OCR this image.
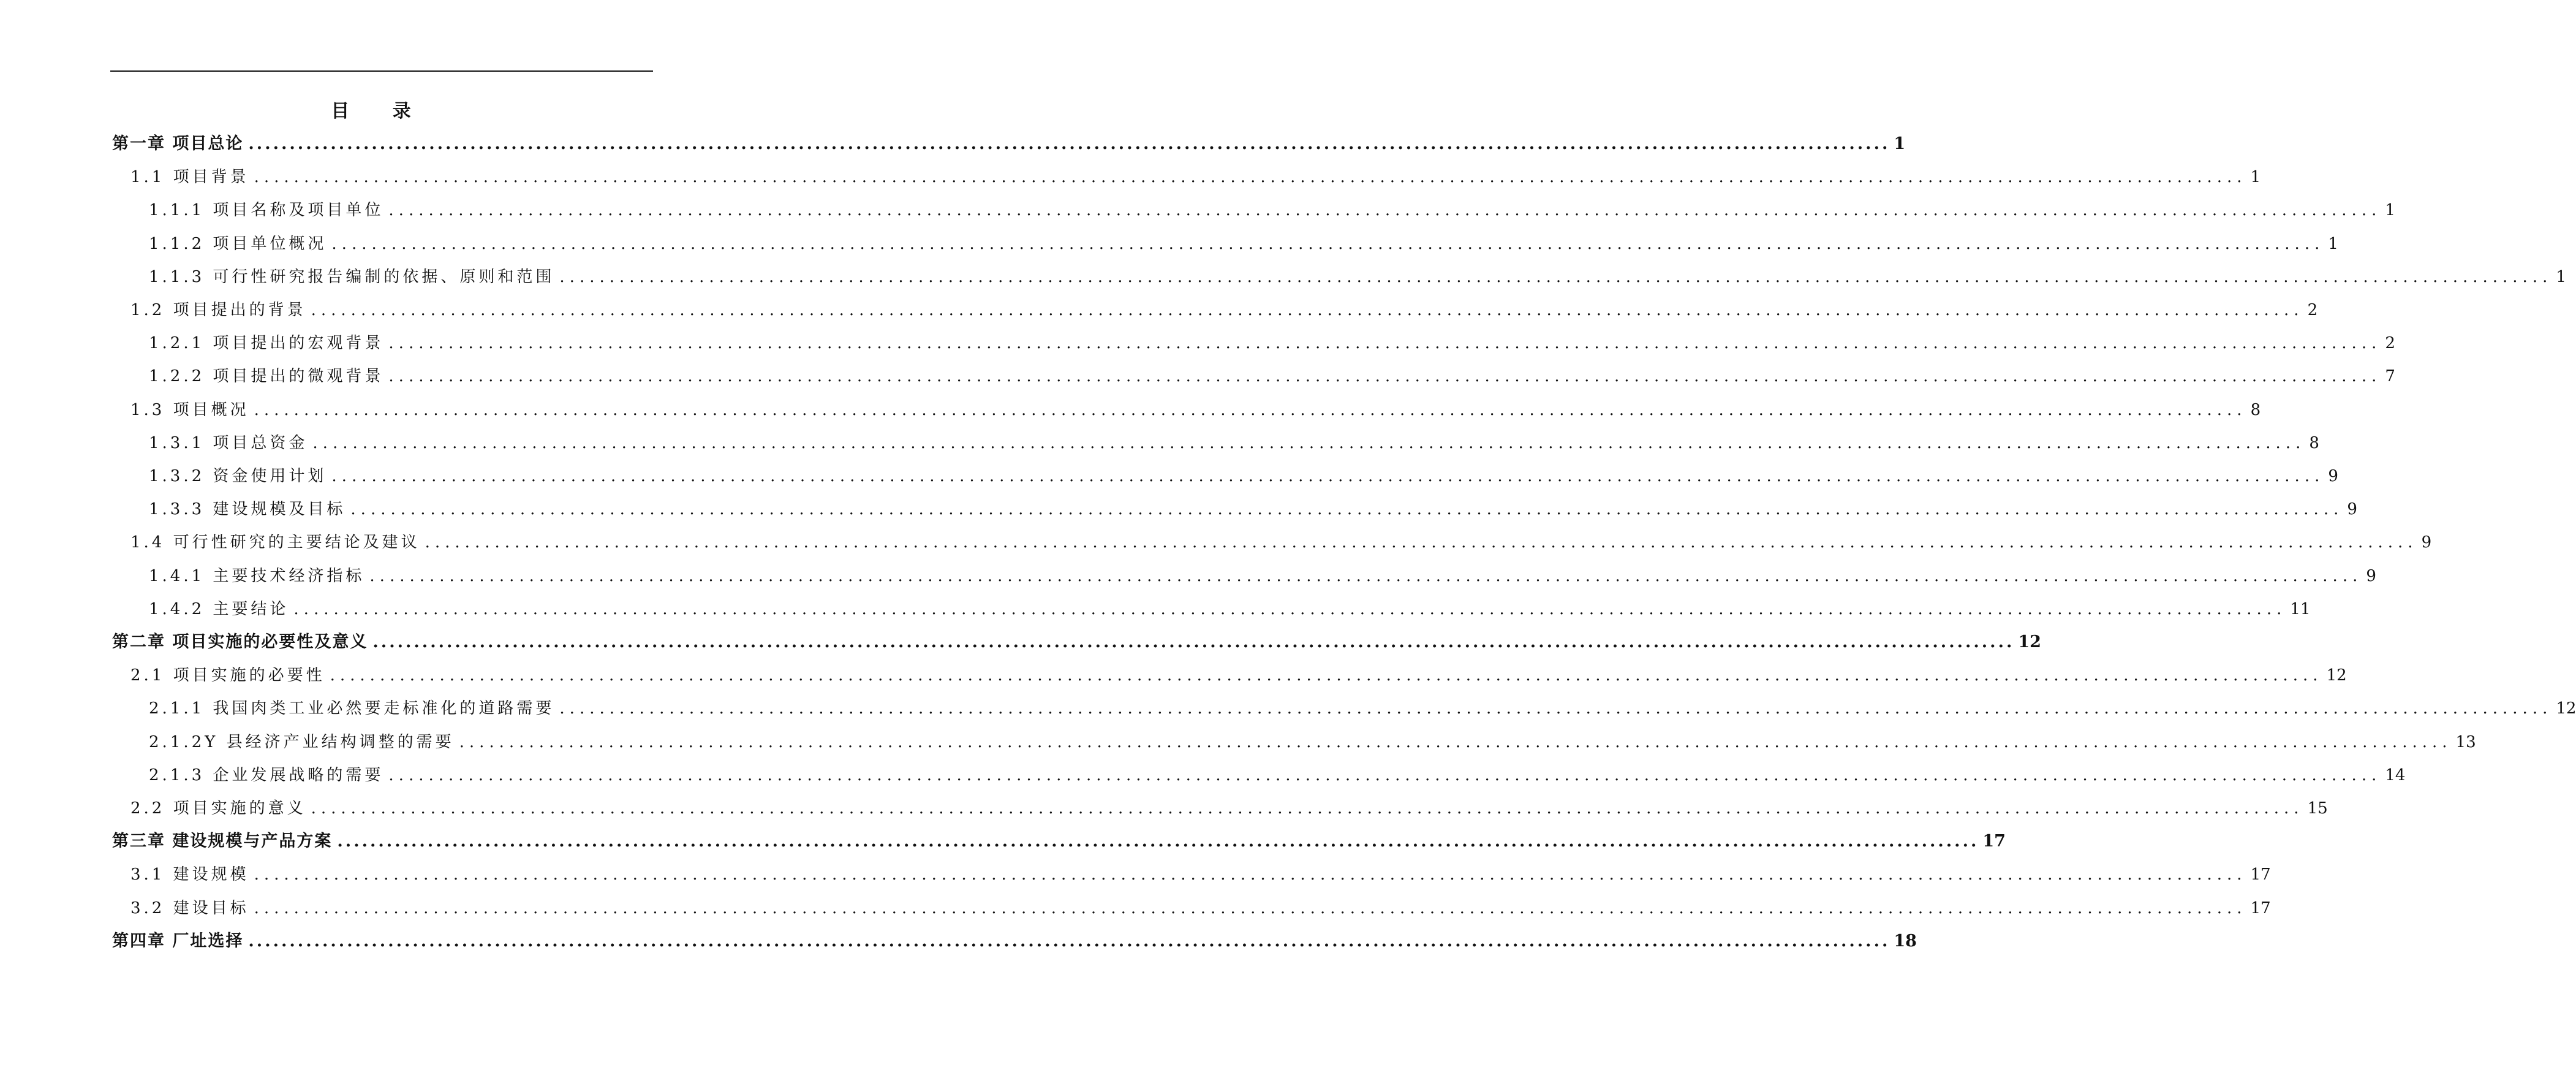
目 录
第一章 项目总论 ........................................................................................................................................................................................................ 1
1.1 项目背景 ........................................................................................................................................................................................................ 1
1.1.1 项目名称及项目单位 ........................................................................................................................................................................................................ 1
1.1.2 项目单位概况 ........................................................................................................................................................................................................ 1
1.1.3 可行性研究报告编制的依据、原则和范围 ........................................................................................................................................................................................................ 1
1.2 项目提出的背景 ........................................................................................................................................................................................................ 2
1.2.1 项目提出的宏观背景 ........................................................................................................................................................................................................ 2
1.2.2 项目提出的微观背景 ........................................................................................................................................................................................................ 7
1.3 项目概况 ........................................................................................................................................................................................................ 8
1.3.1 项目总资金 ........................................................................................................................................................................................................ 8
1.3.2 资金使用计划 ........................................................................................................................................................................................................ 9
1.3.3 建设规模及目标 ........................................................................................................................................................................................................ 9
1.4 可行性研究的主要结论及建议 ........................................................................................................................................................................................................ 9
1.4.1 主要技术经济指标 ........................................................................................................................................................................................................ 9
1.4.2 主要结论 ........................................................................................................................................................................................................ 11
第二章 项目实施的必要性及意义 ........................................................................................................................................................................................................ 12
2.1 项目实施的必要性 ........................................................................................................................................................................................................ 12
2.1.1 我国肉类工业必然要走标准化的道路需要 ........................................................................................................................................................................................................ 12
2.1.2Y 县经济产业结构调整的需要 ........................................................................................................................................................................................................ 13
2.1.3 企业发展战略的需要 ........................................................................................................................................................................................................ 14
2.2 项目实施的意义 ........................................................................................................................................................................................................ 15
第三章 建设规模与产品方案 ........................................................................................................................................................................................................ 17
3.1 建设规模 ........................................................................................................................................................................................................ 17
3.2 建设目标 ........................................................................................................................................................................................................ 17
第四章 厂址选择 ........................................................................................................................................................................................................ 18
